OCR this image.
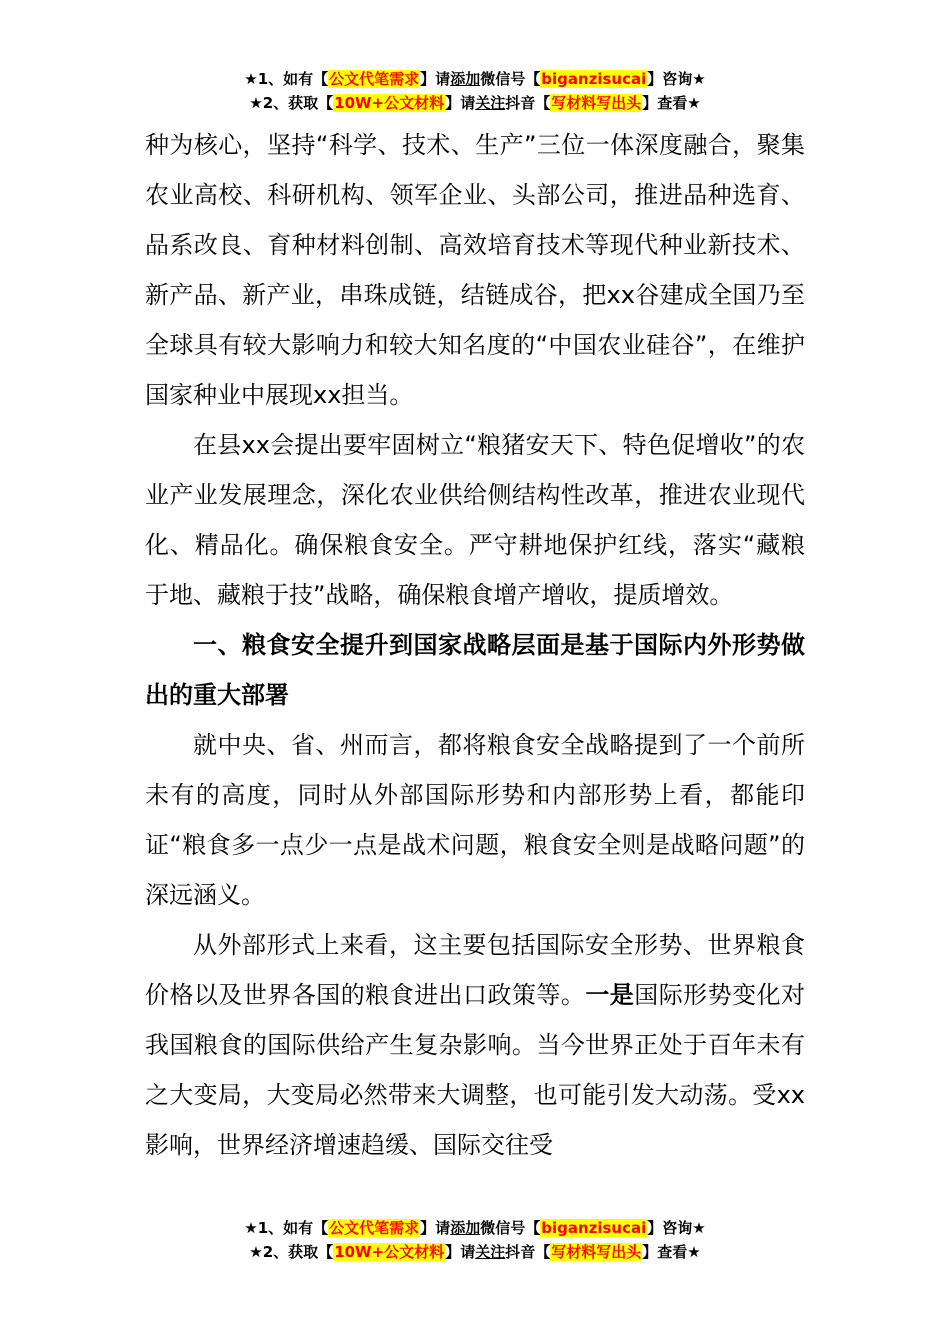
★1、如有【公文代笔需求】请添加微信号【biganzisucai】咨询★
★2、获取【10W+公文材料】请关注抖音【写材料写出头】查看★

种为核心，坚持“科学、技术、生产”三位一体深度融合，聚集农业高校、科研机构、领军企业、头部公司，推进品种选育、品系改良、育种材料创制、高效培育技术等现代种业新技术、新产品、新产业，串珠成链，结链成谷，把xx谷建成全国乃至全球具有较大影响力和较大知名度的“中国农业硅谷”，在维护国家种业中展现xx担当。

在县xx会提出要牢固树立“粮猪安天下、特色促增收”的农业产业发展理念，深化农业供给侧结构性改革，推进农业现代化、精品化。确保粮食安全。严守耕地保护红线，落实“藏粮于地、藏粮于技”战略，确保粮食增产增收，提质增效。

一、粮食安全提升到国家战略层面是基于国际内外形势做出的重大部署

就中央、省、州而言，都将粮食安全战略提到了一个前所未有的高度，同时从外部国际形势和内部形势上看，都能印证“粮食多一点少一点是战术问题，粮食安全则是战略问题”的深远涵义。

从外部形式上来看，这主要包括国际安全形势、世界粮食价格以及世界各国的粮食进出口政策等。一是国际形势变化对我国粮食的国际供给产生复杂影响。当今世界正处于百年未有之大变局，大变局必然带来大调整，也可能引发大动荡。受xx影响，世界经济增速趋缓、国际交往受

★1、如有【公文代笔需求】请添加微信号【biganzisucai】咨询★
★2、获取【10W+公文材料】请关注抖音【写材料写出头】查看★
